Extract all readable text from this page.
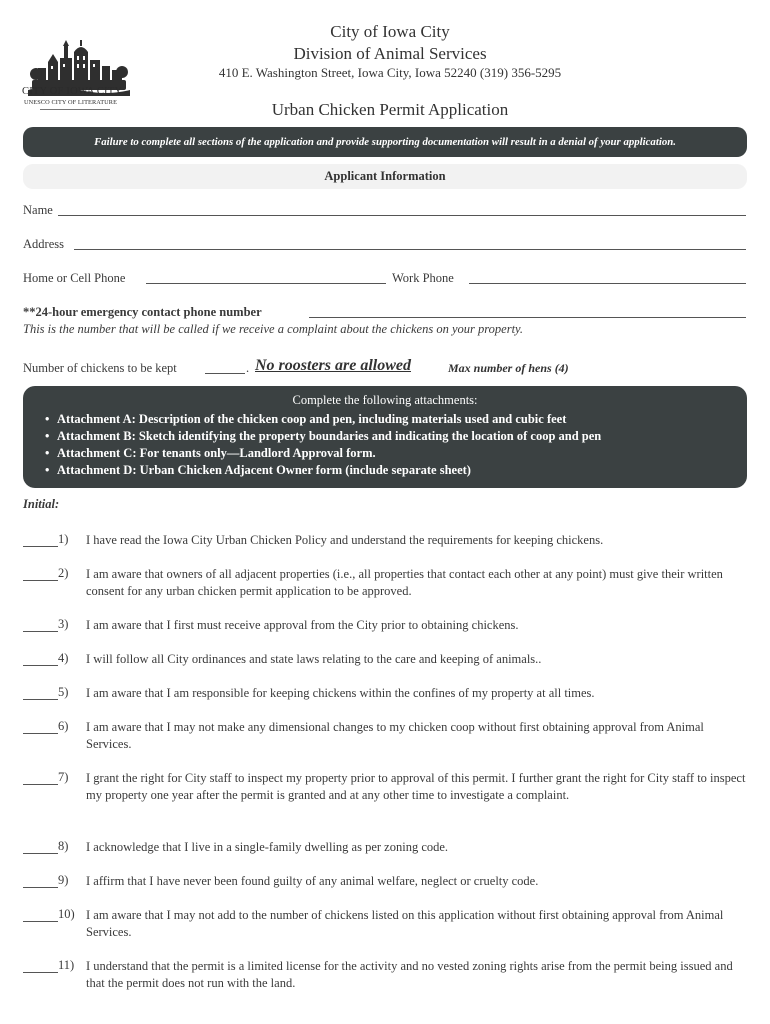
CITY OF IOWA CITY
UNESCO CITY OF LITERATURE
City of Iowa City
Division of Animal Services
410 E. Washington Street, Iowa City, Iowa 52240 (319) 356-5295
Urban Chicken Permit Application
Failure to complete all sections of the application and provide supporting documentation will result in a denial of your application.
Applicant Information
Name
Address
Home or Cell Phone	Work Phone
**24-hour emergency contact phone number
This is the number that will be called if we receive a complaint about the chickens on your property.
Number of chickens to be kept	. No roosters are allowed	Max number of hens (4)
Complete the following attachments:
• Attachment A: Description of the chicken coop and pen, including materials used and cubic feet
• Attachment B: Sketch identifying the property boundaries and indicating the location of coop and pen
• Attachment C: For tenants only—Landlord Approval form.
• Attachment D: Urban Chicken Adjacent Owner form (include separate sheet)
Initial:
1)	I have read the Iowa City Urban Chicken Policy and understand the requirements for keeping chickens.
2)	I am aware that owners of all adjacent properties (i.e., all properties that contact each other at any point) must give their written consent for any urban chicken permit application to be approved.
3)	I am aware that I first must receive approval from the City prior to obtaining chickens.
4)	I will follow all City ordinances and state laws relating to the care and keeping of animals..
5)	I am aware that I am responsible for keeping chickens within the confines of my property at all times.
6)	I am aware that I may not make any dimensional changes to my chicken coop without first obtaining approval from Animal Services.
7)	I grant the right for City staff to inspect my property prior to approval of this permit. I further grant the right for City staff to inspect my property one year after the permit is granted and at any other time to investigate a complaint.
8)	I acknowledge that I live in a single-family dwelling as per zoning code.
9)	I affirm that I have never been found guilty of any animal welfare, neglect or cruelty code.
10) I am aware that I may not add to the number of chickens listed on this application without first obtaining approval from Animal Services.
11) I understand that the permit is a limited license for the activity and no vested zoning rights arise from the permit being issued and that the permit does not run with the land.
